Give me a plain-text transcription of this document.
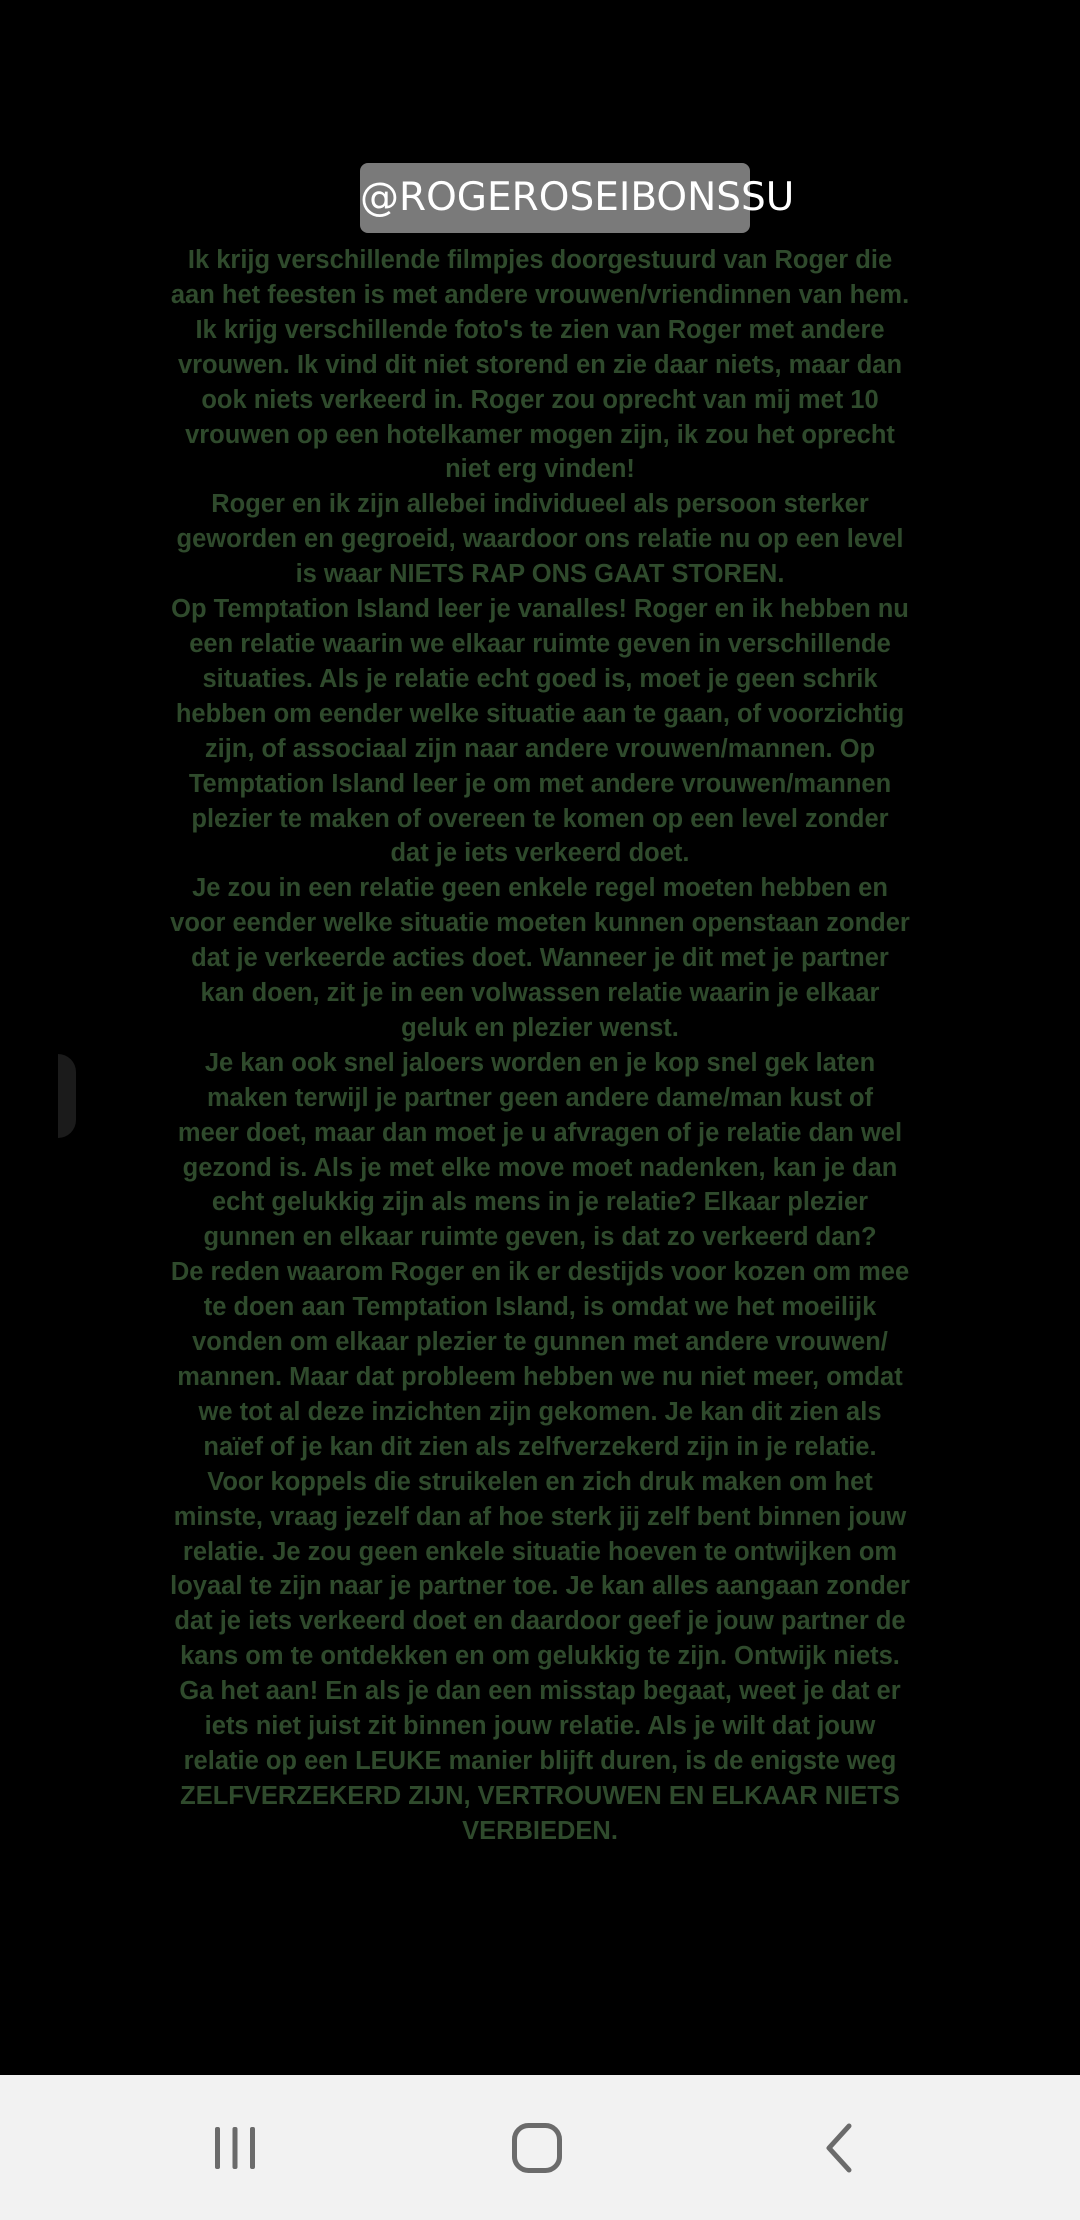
@ROGEROSEIBONSSU
Ik krijg verschillende filmpjes doorgestuurd van Roger die
aan het feesten is met andere vrouwen/vriendinnen van hem.
Ik krijg verschillende foto's te zien van Roger met andere
vrouwen. Ik vind dit niet storend en zie daar niets, maar dan
ook niets verkeerd in. Roger zou oprecht van mij met 10
vrouwen op een hotelkamer mogen zijn, ik zou het oprecht
niet erg vinden!
Roger en ik zijn allebei individueel als persoon sterker
geworden en gegroeid, waardoor ons relatie nu op een level
is waar NIETS RAP ONS GAAT STOREN.
Op Temptation Island leer je vanalles! Roger en ik hebben nu
een relatie waarin we elkaar ruimte geven in verschillende
situaties. Als je relatie echt goed is, moet je geen schrik
hebben om eender welke situatie aan te gaan, of voorzichtig
zijn, of associaal zijn naar andere vrouwen/mannen. Op
Temptation Island leer je om met andere vrouwen/mannen
plezier te maken of overeen te komen op een level zonder
dat je iets verkeerd doet.
Je zou in een relatie geen enkele regel moeten hebben en
voor eender welke situatie moeten kunnen openstaan zonder
dat je verkeerde acties doet. Wanneer je dit met je partner
kan doen, zit je in een volwassen relatie waarin je elkaar
geluk en plezier wenst.
Je kan ook snel jaloers worden en je kop snel gek laten
maken terwijl je partner geen andere dame/man kust of
meer doet, maar dan moet je u afvragen of je relatie dan wel
gezond is. Als je met elke move moet nadenken, kan je dan
echt gelukkig zijn als mens in je relatie? Elkaar plezier
gunnen en elkaar ruimte geven, is dat zo verkeerd dan?
De reden waarom Roger en ik er destijds voor kozen om mee
te doen aan Temptation Island, is omdat we het moeilijk
vonden om elkaar plezier te gunnen met andere vrouwen/
mannen. Maar dat probleem hebben we nu niet meer, omdat
we tot al deze inzichten zijn gekomen. Je kan dit zien als
naïef of je kan dit zien als zelfverzekerd zijn in je relatie.
Voor koppels die struikelen en zich druk maken om het
minste, vraag jezelf dan af hoe sterk jij zelf bent binnen jouw
relatie. Je zou geen enkele situatie hoeven te ontwijken om
loyaal te zijn naar je partner toe. Je kan alles aangaan zonder
dat je iets verkeerd doet en daardoor geef je jouw partner de
kans om te ontdekken en om gelukkig te zijn. Ontwijk niets.
Ga het aan! En als je dan een misstap begaat, weet je dat er
iets niet juist zit binnen jouw relatie. Als je wilt dat jouw
relatie op een LEUKE manier blijft duren, is de enigste weg
ZELFVERZEKERD ZIJN, VERTROUWEN EN ELKAAR NIETS
VERBIEDEN.
